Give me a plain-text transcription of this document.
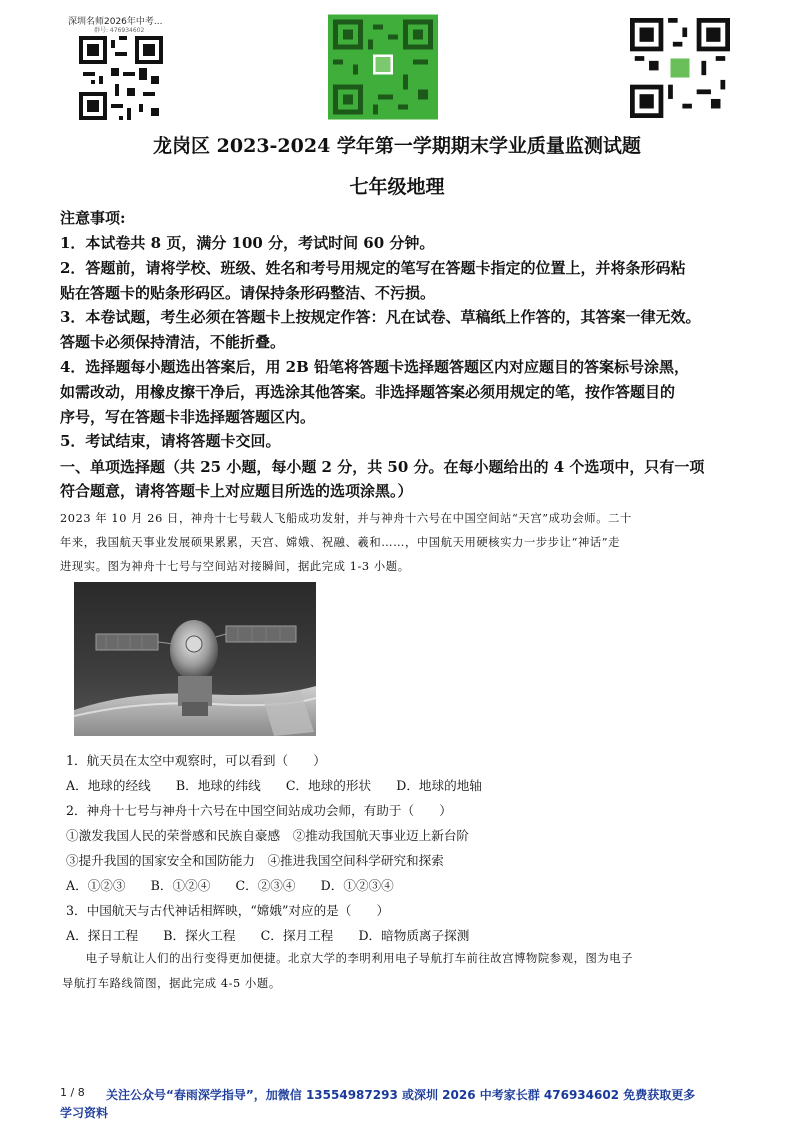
深圳名师2026年中考...
群号: 476934602
龙岗区 2023-2024 学年第一学期期末学业质量监测试题
七年级地理
注意事项:
1．本试卷共 8 页，满分 100 分，考试时间 60 分钟。
2．答题前，请将学校、班级、姓名和考号用规定的笔写在答题卡指定的位置上，并将条形码粘
贴在答题卡的贴条形码区。请保持条形码整洁、不污损。
3．本卷试题，考生必须在答题卡上按规定作答：凡在试卷、草稿纸上作答的，其答案一律无效。
答题卡必须保持清洁，不能折叠。
4．选择题每小题选出答案后，用 2B 铅笔将答题卡选择题答题区内对应题目的答案标号涂黑，
如需改动，用橡皮擦干净后，再选涂其他答案。非选择题答案必须用规定的笔，按作答题目的
序号，写在答题卡非选择题答题区内。
5．考试结束，请将答题卡交回。
一、单项选择题（共 25 小题，每小题 2 分，共 50 分。在每小题给出的 4 个选项中，只有一项
符合题意，请将答题卡上对应题目所选的选项涂黑。）
2023 年 10 月 26 日，神舟十七号载人飞船成功发射，并与神舟十六号在中国空间站“天宫”成功会师。二十
年来，我国航天事业发展硕果累累，天宫、嫦娥、祝融、羲和……，中国航天用硬核实力一步步让“神话”走
进现实。图为神舟十七号与空间站对接瞬间，据此完成 1-3 小题。
1．航天员在太空中观察时，可以看到（　　）
A．地球的经线　　B．地球的纬线　　C．地球的形状　　D．地球的地轴
2．神舟十七号与神舟十六号在中国空间站成功会师，有助于（　　）
①激发我国人民的荣誉感和民族自豪感　②推动我国航天事业迈上新台阶
③提升我国的国家安全和国防能力　④推进我国空间科学研究和探索
A．①②③　　B．①②④　　C．②③④　　D．①②③④
3．中国航天与古代神话相辉映，“嫦娥”对应的是（　　）
A．探日工程　　B．探火工程　　C．探月工程　　D．暗物质离子探测
　　电子导航让人们的出行变得更加便捷。北京大学的李明利用电子导航打车前往故宫博物院参观，图为电子
导航打车路线简图，据此完成 4-5 小题。
1 / 8 关注公众号“春雨深学指导”，加微信 13554987293 或深圳 2026 中考家长群 476934602 免费获取更多
学习资料
